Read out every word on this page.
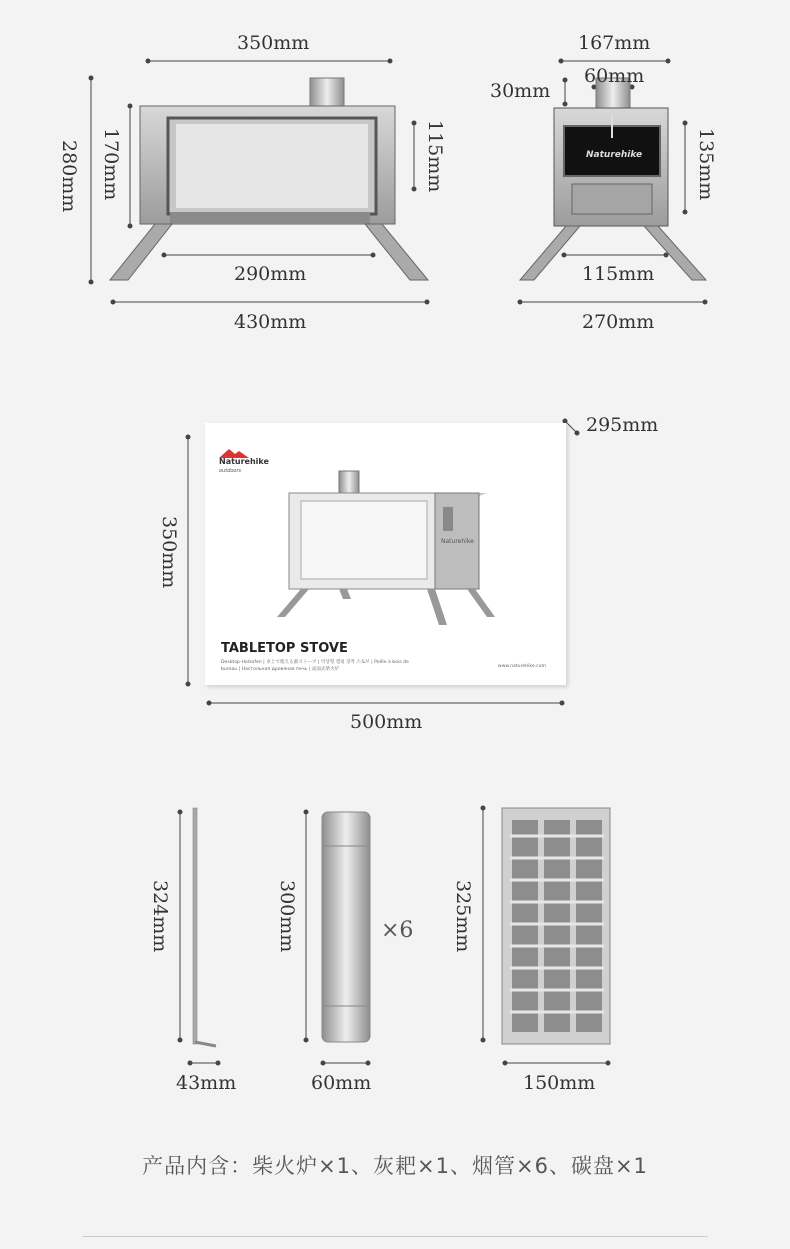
Naturehike
350mm
280mm 170mm	115mm
290mm
430mm
167mm
30mm
60mm
135mm
115mm
270mm
Naturehike
outdoors
Naturehike
TABLETOP STOVE
Desktop-Holzofen | 卓上で使える薪ストーブ | 탁상형 캠핑 장작 스토브 | Poêle à bois de bureau | Настольная дровяная печь | 桌面式柴火炉
www.naturehike.com
295mm
350mm
500mm
324mm
43mm
300mm
60mm
×6 325mm
150mm
产品内含：柴火炉×1、灰耙×1、烟管×6、碳盘×1
